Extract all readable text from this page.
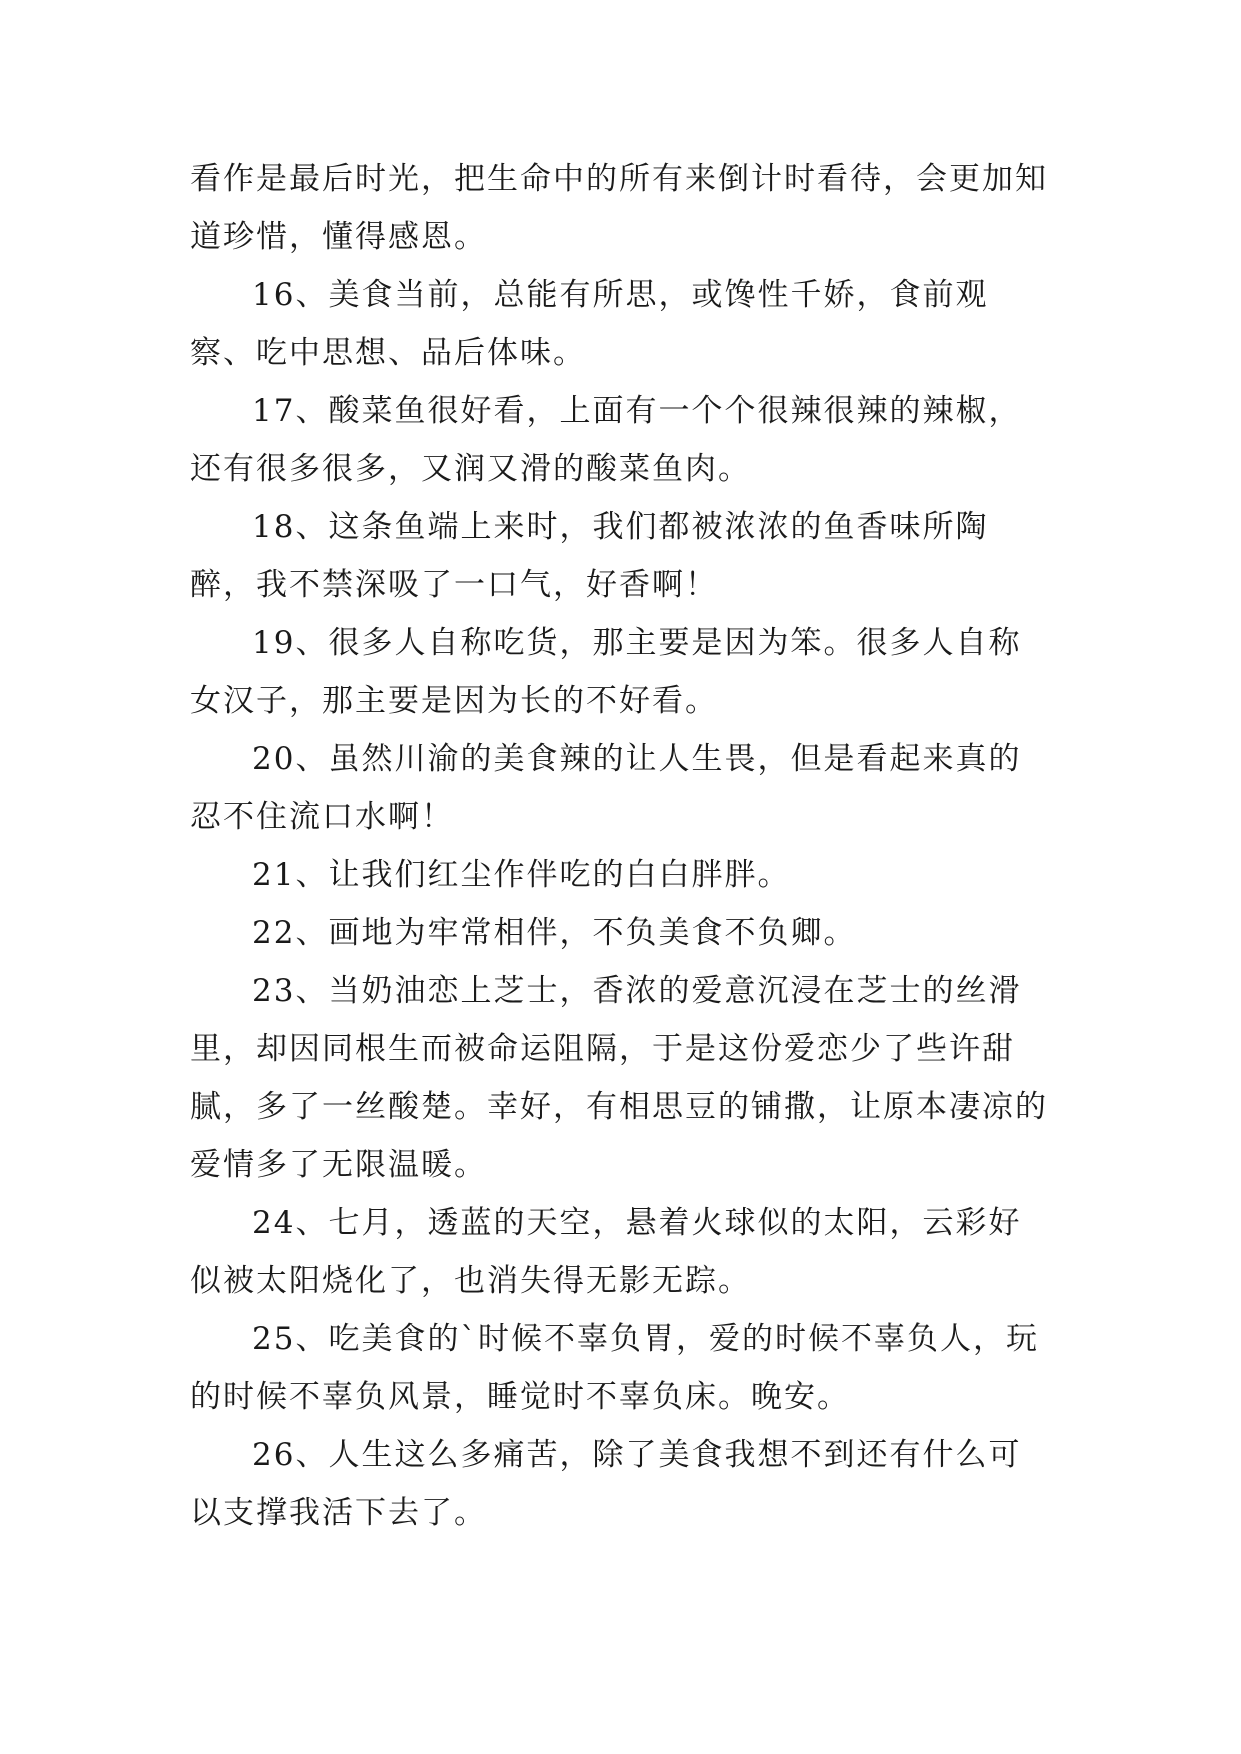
看作是最后时光，把生命中的所有来倒计时看待，会更加知道珍惜，懂得感恩。

16、美食当前，总能有所思，或馋性千娇，食前观察、吃中思想、品后体味。

17、酸菜鱼很好看，上面有一个个很辣很辣的辣椒，还有很多很多，又润又滑的酸菜鱼肉。

18、这条鱼端上来时，我们都被浓浓的鱼香味所陶醉，我不禁深吸了一口气，好香啊！

19、很多人自称吃货，那主要是因为笨。很多人自称女汉子，那主要是因为长的不好看。

20、虽然川渝的美食辣的让人生畏，但是看起来真的忍不住流口水啊！

21、让我们红尘作伴吃的白白胖胖。

22、画地为牢常相伴，不负美食不负卿。

23、当奶油恋上芝士，香浓的爱意沉浸在芝士的丝滑里，却因同根生而被命运阻隔，于是这份爱恋少了些许甜腻，多了一丝酸楚。幸好，有相思豆的铺撒，让原本凄凉的爱情多了无限温暖。

24、七月，透蓝的天空，悬着火球似的太阳，云彩好似被太阳烧化了，也消失得无影无踪。

25、吃美食的`时候不辜负胃，爱的时候不辜负人，玩的时候不辜负风景，睡觉时不辜负床。晚安。

26、人生这么多痛苦，除了美食我想不到还有什么可以支撑我活下去了。
